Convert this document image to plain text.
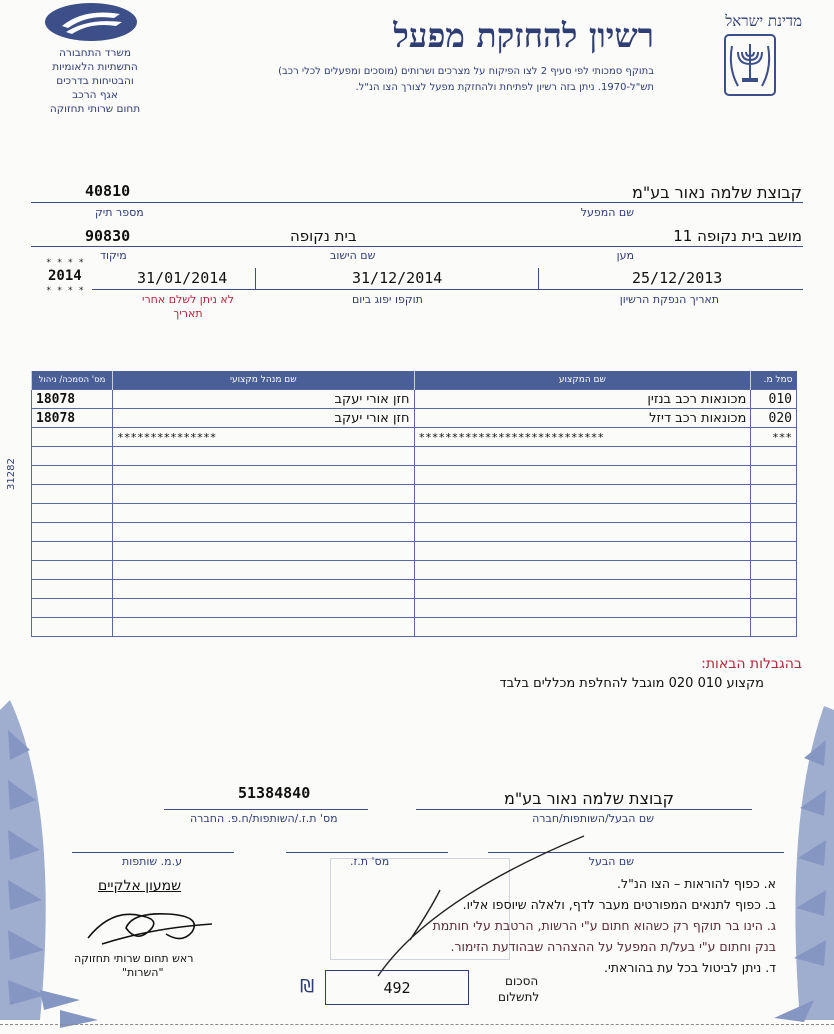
משרד התחבורה
התשתיות הלאומיות
והבטיחות בדרכים
אגף הרכב
תחום שרותי תחזוקה
מדינת ישראל
רשיון להחזקת מפעל
בתוקף סמכותי לפי סעיף 2 לצו הפיקוח על מצרכים ושרותים (מוסכים ומפעלים לכלי רכב)
תש"ל-1970. ניתן בזה רשיון לפתיחת ולהחזקת מפעל לצורך הצו הנ"ל.
קבוצת שלמה נאור בע"מ
40810
שם המפעל
מספר תיק
מושב בית נקופה 11
בית נקופה
90830
מען
שם הישוב
מיקוד
* * * *
2014
* * * *
25/12/2013
31/12/2014
31/01/2014
תאריך הנפקת הרשיון
תוקפו יפוג ביום
לא ניתן לשלם אחרי תאריך
סמל מ.	שם המקצוע	שם מנהל מקצועי	מס' הסמכה/ ניהול
010	מכונאות רכב בנזין	חזן אורי יעקב	18078
020	מכונאות רכב דיזל	חזן אורי יעקב	18078
***	****************************	***************	

31282
בהגבלות הבאות:
מקצוע 010 020 מוגבל להחלפת מכללים בלבד
קבוצת שלמה נאור בע"מ
51384840
שם הבעל/השותפות/חברה
מס' ת.ז./השותפות/ח.פ. החברה
שם הבעל
מס' ת.ז.
ע.מ. שותפות
א. כפוף להוראות – הצו הנ"ל.
ב. כפוף לתנאים המפורטים מעבר לדף, ולאלה שיוספו אליו.
ג. הינו בר תוקף רק כשהוא חתום ע"י הרשות, הרטבת עלי חותמת
בנק וחתום ע"י בעל/ת המפעל על ההצהרה שבהודעת הזימור.
ד. ניתן לביטול בכל עת בהוראתי.
שמעון אלקיים
ראש תחום שרותי תחזוקה
"השרות"
הסכום
לתשלום
492
₪
